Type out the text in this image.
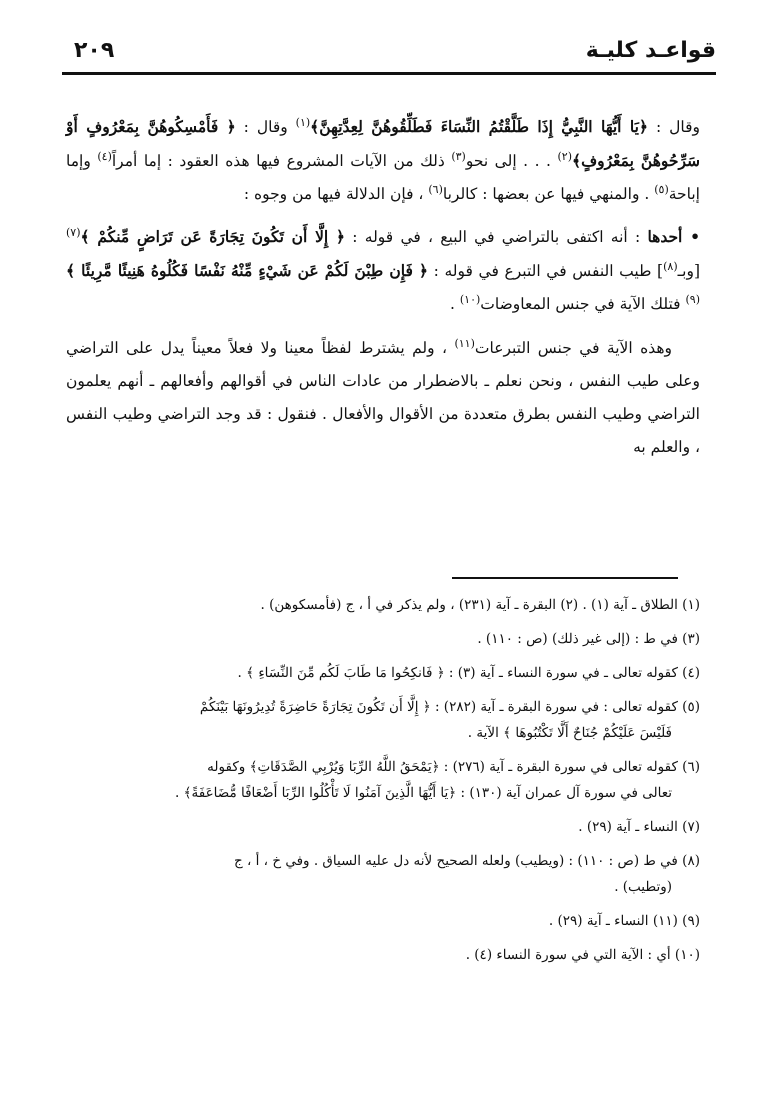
قواعـد كليـة
٢٠٩

وقال : ﴿يَا أَيُّهَا النَّبِيُّ إِذَا طَلَّقْتُمُ النِّسَاءَ فَطَلِّقُوهُنَّ لِعِدَّتِهِنَّ﴾$^{(١)}$ وقال : ﴿ فَأَمْسِكُوهُنَّ بِمَعْرُوفٍ أَوْ سَرِّحُوهُنَّ بِمَعْرُوفٍ﴾$^{(٢)}$ . . . إلى نحو$^{(٣)}$ ذلك من الآيات المشروع فيها هذه العقود : إما أمراً$^{(٤)}$ وإما إباحة$^{(٥)}$ . والمنهي فيها عن بعضها : كالربا$^{(٦)}$ ، فإن الدلالة فيها من وجوه :

• أحدها : أنه اكتفى بالتراضي في البيع ، في قوله : ﴿ إِلَّا أَن تَكُونَ تِجَارَةً عَن تَرَاضٍ مِّنكُمْ ﴾$^{(٧)}$ [وبـ$^{(٨)}$] طيب النفس في التبرع في قوله : ﴿ فَإِن طِبْنَ لَكُمْ عَن شَيْءٍ مِّنْهُ نَفْسًا فَكُلُوهُ هَنِيئًا مَّرِيئًا ﴾$^{(٩)}$ فتلك الآية في جنس المعاوضات$^{(١٠)}$ .

وهذه الآية في جنس التبرعات$^{(١١)}$ ، ولم يشترط لفظاً معينا ولا فعلاً معيناً يدل على التراضي وعلى طيب النفس ، ونحن نعلم ـ بالاضطرار من عادات الناس في أقوالهم وأفعالهم ـ أنهم يعلمون التراضي وطيب النفس بطرق متعددة من الأقوال والأفعال . فنقول : قد وجد التراضي وطيب النفس ، والعلم به

(١) الطلاق ـ آية (١) . (٢) البقرة ـ آية (٢٣١) ، ولم يذكر في أ ، ج (فأمسكوهن) .

(٣) في ط : (إلى غير ذلك) (ص : ١١٠) .

(٤) كقوله تعالى ـ في سورة النساء ـ آية (٣) : ﴿ فَانكِحُوا مَا طَابَ لَكُم مِّنَ النِّسَاءِ ﴾ .

(٥) كقوله تعالى : في سورة البقرة ـ آية (٢٨٢) : ﴿ إِلَّا أَن تَكُونَ تِجَارَةً حَاضِرَةً تُدِيرُونَهَا بَيْنَكُمْ
فَلَيْسَ عَلَيْكُمْ جُنَاحٌ أَلَّا تَكْتُبُوهَا ﴾ الآية .

(٦) كقوله تعالى في سورة البقرة ـ آية (٢٧٦) : ﴿يَمْحَقُ اللَّهُ الرِّبَا وَيُرْبِي الصَّدَقَاتِ﴾ وكقوله
تعالى في سورة آل عمران آية (١٣٠) : ﴿يَا أَيُّهَا الَّذِينَ آمَنُوا لَا تَأْكُلُوا الرِّبَا أَضْعَافًا مُّضَاعَفَةً﴾ .

(٧) النساء ـ آية (٢٩) .

(٨) في ط (ص : ١١٠) : (ويطيب) ولعله الصحيح لأنه دل عليه السياق . وفي خ ، أ ، ج
(وتطيب) .

(٩) (١١) النساء ـ آية (٢٩) .

(١٠) أي : الآية التي في سورة النساء (٤) .
